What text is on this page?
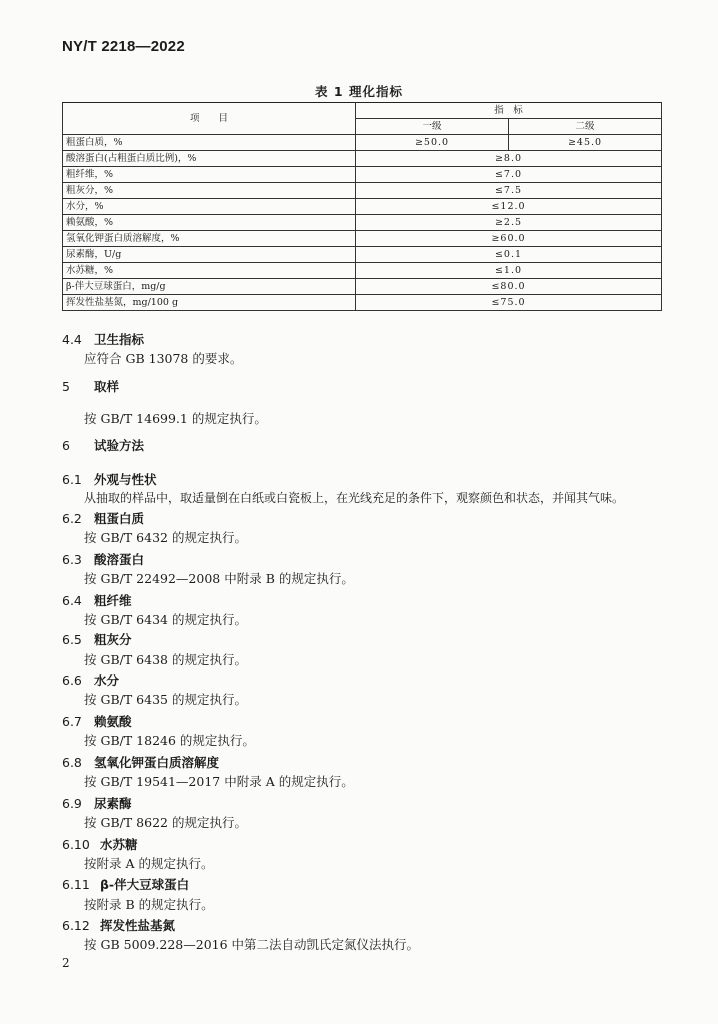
NY/T 2218—2022
表 1 理化指标
项　　目	指　标	
	一级	二级
粗蛋白质，%	≥50.0	≥45.0
酸溶蛋白(占粗蛋白质比例)，%	≥8.0	
粗纤维，%	≤7.0	
粗灰分，%	≤7.5	
水分，%	≤12.0	
赖氨酸，%	≥2.5	
氢氧化钾蛋白质溶解度，%	≥60.0	
尿素酶，U/g	≤0.1	
水苏糖，%	≤1.0	
β-伴大豆球蛋白，mg/g	≤80.0	
挥发性盐基氮，mg/100 g	≤75.0	
4.4 卫生指标
应符合 GB 13078 的要求。
5 取样
按 GB/T 14699.1 的规定执行。
6 试验方法
6.1 外观与性状
从抽取的样品中，取适量倒在白纸或白瓷板上，在光线充足的条件下，观察颜色和状态，并闻其气味。
6.2 粗蛋白质
按 GB/T 6432 的规定执行。
6.3 酸溶蛋白
按 GB/T 22492—2008 中附录 B 的规定执行。
6.4 粗纤维
按 GB/T 6434 的规定执行。
6.5 粗灰分
按 GB/T 6438 的规定执行。
6.6 水分
按 GB/T 6435 的规定执行。
6.7 赖氨酸
按 GB/T 18246 的规定执行。
6.8 氢氧化钾蛋白质溶解度
按 GB/T 19541—2017 中附录 A 的规定执行。
6.9 尿素酶
按 GB/T 8622 的规定执行。
6.10 水苏糖
按附录 A 的规定执行。
6.11 β-伴大豆球蛋白
按附录 B 的规定执行。
6.12 挥发性盐基氮
按 GB 5009.228—2016 中第二法自动凯氏定氮仪法执行。
2
